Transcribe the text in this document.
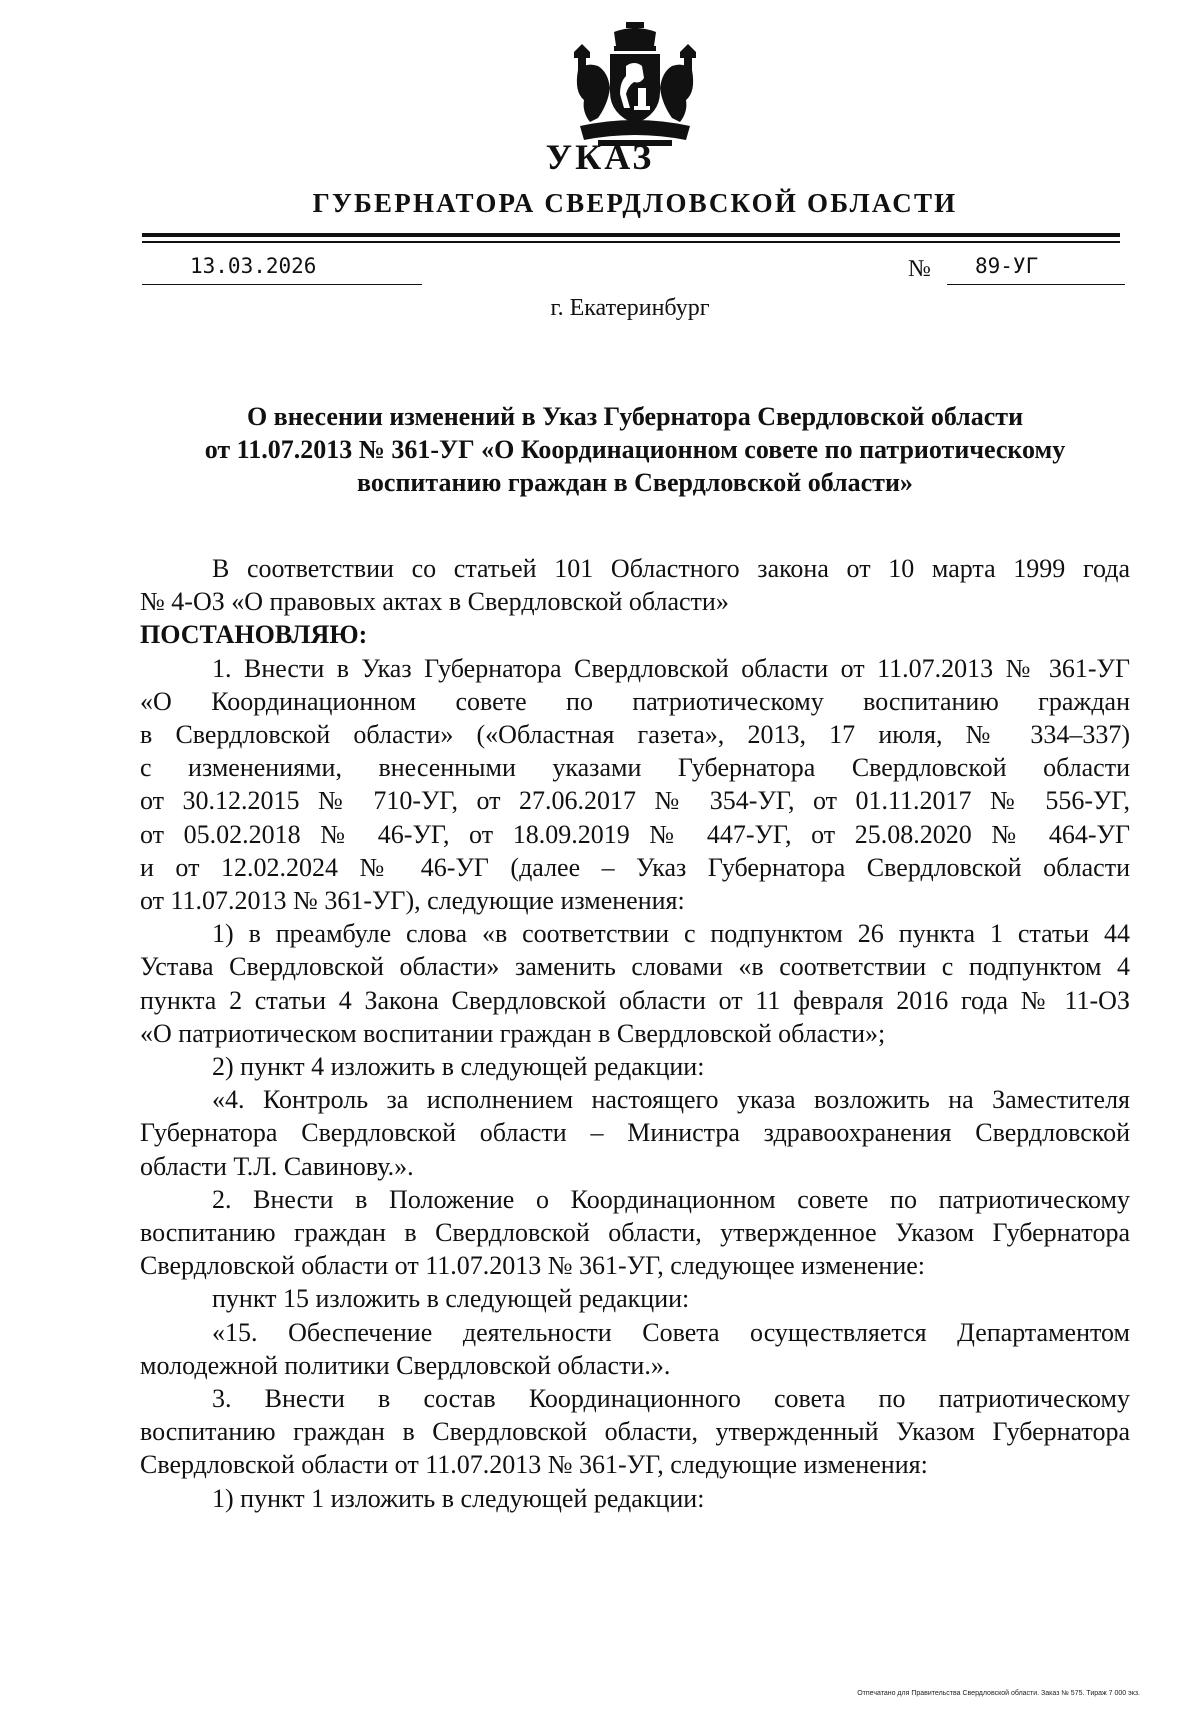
УКАЗ
ГУБЕРНАТОРА СВЕРДЛОВСКОЙ ОБЛАСТИ
13.03.2026	№ 89-УГ
г. Екатеринбург
О внесении изменений в Указ Губернатора Свердловской области
от 11.07.2013 № 361-УГ «О Координационном совете по патриотическому
воспитанию граждан в Свердловской области»
В соответствии со статьей 101 Областного закона от 10 марта 1999 года
№ 4-ОЗ «О правовых актах в Свердловской области»
ПОСТАНОВЛЯЮ:
1. Внести в Указ Губернатора Свердловской области от 11.07.2013 № 361-УГ
«О Координационном совете по патриотическому воспитанию граждан
в Свердловской области» («Областная газета», 2013, 17 июля, № 334–337)
с изменениями, внесенными указами Губернатора Свердловской области
от 30.12.2015 № 710-УГ, от 27.06.2017 № 354-УГ, от 01.11.2017 № 556-УГ,
от 05.02.2018 № 46-УГ, от 18.09.2019 № 447-УГ, от 25.08.2020 № 464-УГ
и от 12.02.2024 № 46-УГ (далее – Указ Губернатора Свердловской области
от 11.07.2013 № 361-УГ), следующие изменения:
1) в преамбуле слова «в соответствии с подпунктом 26 пункта 1 статьи 44
Устава Свердловской области» заменить словами «в соответствии с подпунктом 4
пункта 2 статьи 4 Закона Свердловской области от 11 февраля 2016 года № 11-ОЗ
«О патриотическом воспитании граждан в Свердловской области»;
2) пункт 4 изложить в следующей редакции:
«4. Контроль за исполнением настоящего указа возложить на Заместителя
Губернатора Свердловской области – Министра здравоохранения Свердловской
области Т.Л. Савинову.».
2. Внести в Положение о Координационном совете по патриотическому
воспитанию граждан в Свердловской области, утвержденное Указом Губернатора
Свердловской области от 11.07.2013 № 361-УГ, следующее изменение:
пункт 15 изложить в следующей редакции:
«15. Обеспечение деятельности Совета осуществляется Департаментом
молодежной политики Свердловской области.».
3. Внести в состав Координационного совета по патриотическому
воспитанию граждан в Свердловской области, утвержденный Указом Губернатора
Свердловской области от 11.07.2013 № 361-УГ, следующие изменения:
1) пункт 1 изложить в следующей редакции:
Отпечатано для Правительства Свердловской области. Заказ № 575. Тираж 7 000 экз.
